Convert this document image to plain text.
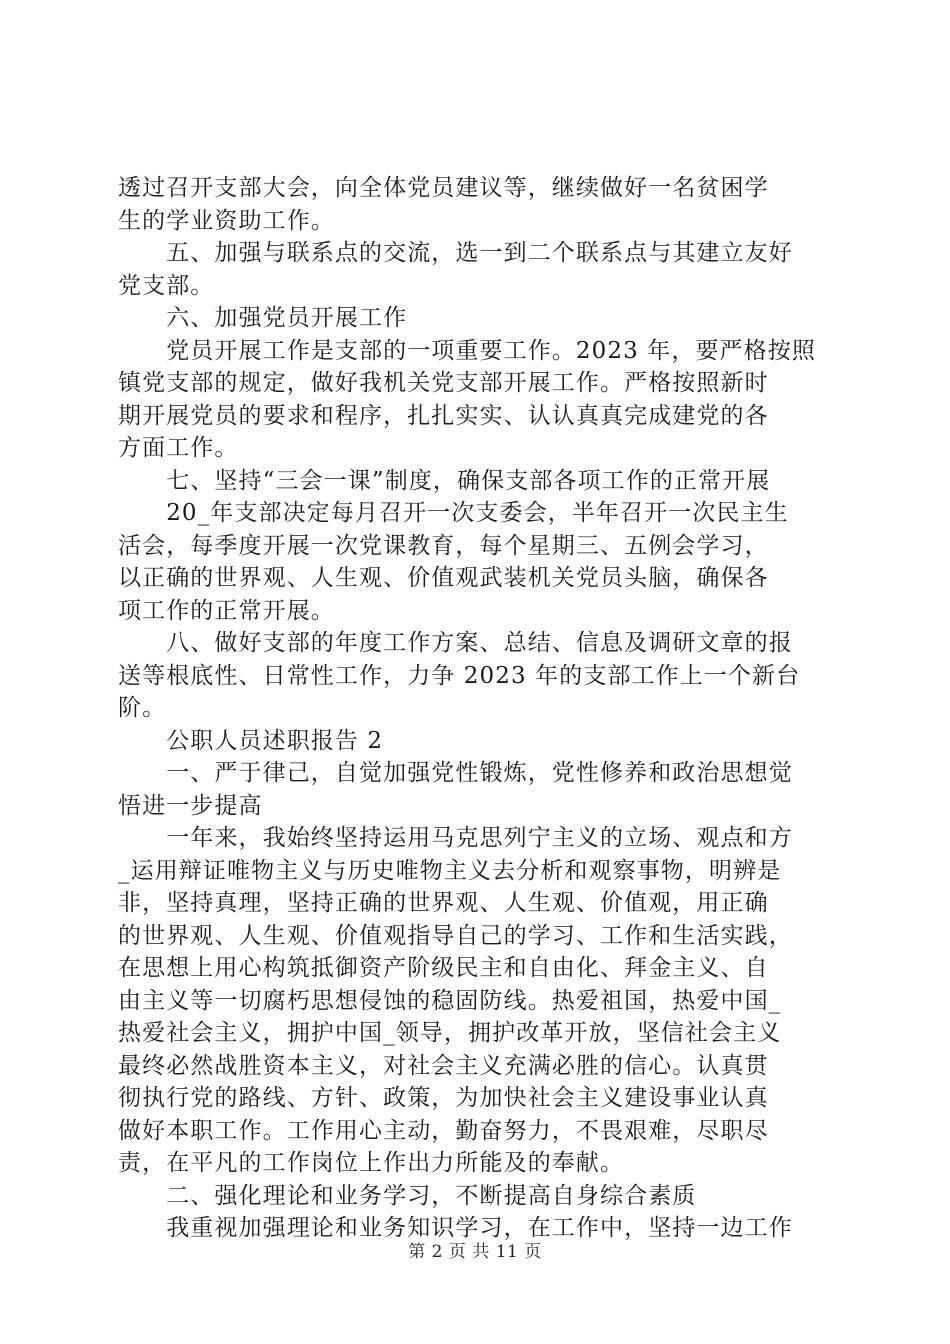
透过召开支部大会，向全体党员建议等，继续做好一名贫困学
生的学业资助工作。

　　五、加强与联系点的交流，选一到二个联系点与其建立友好
党支部。

　　六、加强党员开展工作

　　党员开展工作是支部的一项重要工作。2023 年，要严格按照
镇党支部的规定，做好我机关党支部开展工作。严格按照新时
期开展党员的要求和程序，扎扎实实、认认真真完成建党的各
方面工作。

　　七、坚持“三会一课”制度，确保支部各项工作的正常开展

　　20_年支部决定每月召开一次支委会，半年召开一次民主生
活会，每季度开展一次党课教育，每个星期三、五例会学习，
以正确的世界观、人生观、价值观武装机关党员头脑，确保各
项工作的正常开展。

　　八、做好支部的年度工作方案、总结、信息及调研文章的报
送等根底性、日常性工作，力争 2023 年的支部工作上一个新台
阶。

　　公职人员述职报告 2

　　一、严于律己，自觉加强党性锻炼，党性修养和政治思想觉
悟进一步提高

　　一年来，我始终坚持运用马克思列宁主义的立场、观点和方
_运用辩证唯物主义与历史唯物主义去分析和观察事物，明辨是
非，坚持真理，坚持正确的世界观、人生观、价值观，用正确
的世界观、人生观、价值观指导自己的学习、工作和生活实践，
在思想上用心构筑抵御资产阶级民主和自由化、拜金主义、自
由主义等一切腐朽思想侵蚀的稳固防线。热爱祖国，热爱中国_
热爱社会主义，拥护中国_领导，拥护改革开放，坚信社会主义
最终必然战胜资本主义，对社会主义充满必胜的信心。认真贯
彻执行党的路线、方针、政策，为加快社会主义建设事业认真
做好本职工作。工作用心主动，勤奋努力，不畏艰难，尽职尽
责，在平凡的工作岗位上作出力所能及的奉献。

　　二、强化理论和业务学习，不断提高自身综合素质

　　我重视加强理论和业务知识学习，在工作中，坚持一边工作

第 2 页 共 11 页
